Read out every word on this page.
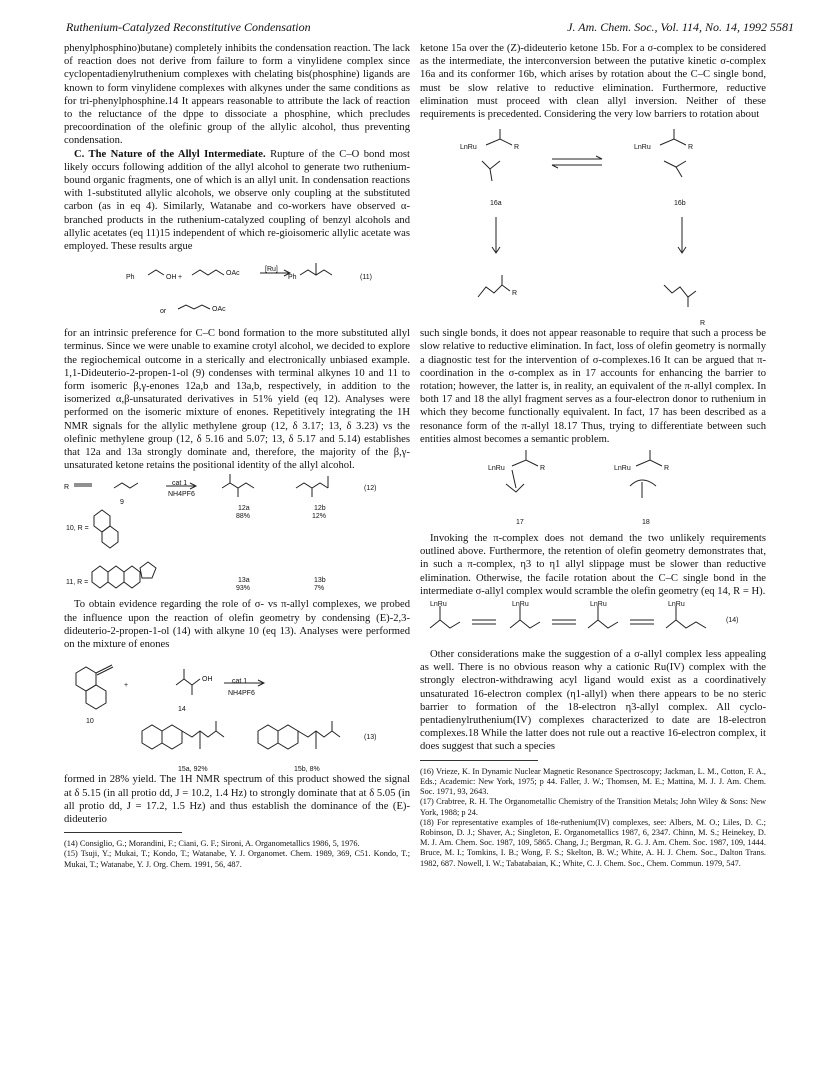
Ruthenium-Catalyzed Reconstitutive Condensation	J. Am. Chem. Soc., Vol. 114, No. 14, 1992 5581

phenylphosphino)butane) completely inhibits the condensation reaction. The lack of reaction does not derive from failure to form a vinylidene complex since cyclopentadienylruthenium complexes with chelating bis(phosphine) ligands are known to form vinylidene complexes with alkynes under the same conditions as for tri-phenylphosphine.14 It appears reasonable to attribute the lack of reaction to the reluctance of the dppe to dissociate a phosphine, which precludes precoordination of the olefinic group of the allylic alcohol, thus preventing condensation.

C. The Nature of the Allyl Intermediate. Rupture of the C–O bond most likely occurs following addition of the allyl alcohol to generate two ruthenium-bound organic fragments, one of which is an allyl unit. In condensation reactions with 1-substituted allylic alcohols, we observe only coupling at the substituted carbon (as in eq 4). Similarly, Watanabe and co-workers have observed α-branched products in the ruthenium-catalyzed coupling of benzyl alcohols and allylic acetates (eq 11)15 independent of which re-gioisomeric allylic acetate was employed. These results argue

Ph	OH +
OAc
[Ru]
Ph	(11)
or	OAc

for an intrinsic preference for C–C bond formation to the more substituted allyl terminus. Since we were unable to examine crotyl alcohol, we decided to explore the regiochemical outcome in a sterically and electronically unbiased example. 1,1-Dideuterio-2-propen-1-ol (9) condenses with terminal alkynes 10 and 11 to form isomeric β,γ-enones 12a,b and 13a,b, respectively, in addition to the isomerized α,β-unsaturated derivatives in 51% yield (eq 12). Analyses were performed on the isomeric mixture of enones. Repetitively integrating the 1H NMR signals for the allylic methylene group (12, δ 3.17; 13, δ 3.23) vs the olefinic methylene group (12, δ 5.16 and 5.07; 13, δ 5.17 and 5.14) establishes that 12a and 13a strongly dominate and, therefore, the majority of the β,γ-unsaturated ketone retains the positional identity of the allyl alcohol.

R
9
cat 1
NH4PF6
12a
88%
12b
12%
(12)
10, R =
11, R =	13a
93%
13b
7%

To obtain evidence regarding the role of σ- vs π-allyl complexes, we probed the influence upon the reaction of olefin geometry by condensing (E)-2,3-dideuterio-2-propen-1-ol (14) with alkyne 10 (eq 13). Analyses were performed on the mixture of enones

+
10
OH
14
cat 1
NH4PF6
15a, 92%	15b, 8%
(13)

formed in 28% yield. The 1H NMR spectrum of this product showed the signal at δ 5.15 (in all protio dd, J = 10.2, 1.4 Hz) to strongly dominate that at δ 5.05 (in all protio dd, J = 17.2, 1.5 Hz) and thus establish the dominance of the (E)-dideuterio

(14) Consiglio, G.; Morandini, F.; Ciani, G. F.; Sironi, A. Organometallics 1986, 5, 1976.

(15) Tsuji, Y.; Mukai, T.; Kondo, T.; Watanabe, Y. J. Organomet. Chem. 1989, 369, C51. Kondo, T.; Mukai, T.; Watanabe, Y. J. Org. Chem. 1991, 56, 487.

ketone 15a over the (Z)-dideuterio ketone 15b. For a σ-complex to be considered as the intermediate, the interconversion between the putative kinetic σ-complex 16a and its conformer 16b, which arises by rotation about the C–C single bond, must be slow relative to reductive elimination. Furthermore, reductive elimination must proceed with clean allyl inversion. Neither of these requirements is precedented. Considering the very low barriers to rotation about

LnRu	R
16a
LnRu	R
16b
R
R

such single bonds, it does not appear reasonable to require that such a process be slow relative to reductive elimination. In fact, loss of olefin geometry is normally a diagnostic test for the intervention of σ-complexes.16 It can be argued that π-coordination in the σ-complex as in 17 accounts for enhancing the barrier to rotation; however, the latter is, in reality, an equivalent of the π-allyl complex. In both 17 and 18 the allyl fragment serves as a four-electron donor to ruthenium in which they become functionally equivalent. In fact, 17 has been described as a resonance form of the π-allyl 18.17 Thus, trying to differentiate between such entities almost becomes a semantic problem.

LnRu	R	LnRu	R
17	18

Invoking the π-complex does not demand the two unlikely requirements outlined above. Furthermore, the retention of olefin geometry demonstrates that, in such a π-complex, η3 to η1 allyl slippage must be slower than reductive elimination. Otherwise, the facile rotation about the C–C single bond in the intermediate σ-allyl complex would scramble the olefin geometry (eq 14, R = H).

LnRu	LnRu	LnRu	LnRu
(14)

Other considerations make the suggestion of a σ-allyl complex less appealing as well. There is no obvious reason why a cationic Ru(IV) complex with the strongly electron-withdrawing acyl ligand would exist as a coordinatively unsaturated 16-electron complex (η1-allyl) when there appears to be no steric barrier to formation of the 18-electron η3-allyl complex. All cyclo-pentadienylruthenium(IV) complexes characterized to date are 18-electron complexes.18 While the latter does not rule out a reactive 16-electron complex, it does suggest that such a species

(16) Vrieze, K. In Dynamic Nuclear Magnetic Resonance Spectroscopy; Jackman, L. M., Cotton, F. A., Eds.; Academic: New York, 1975; p 44. Faller, J. W.; Thomsen, M. E.; Mattina, M. J. J. Am. Chem. Soc. 1971, 93, 2643.

(17) Crabtree, R. H. The Organometallic Chemistry of the Transition Metals; John Wiley & Sons: New York, 1988; p 24.

(18) For representative examples of 18e-ruthenium(IV) complexes, see: Albers, M. O.; Liles, D. C.; Robinson, D. J.; Shaver, A.; Singleton, E. Organometallics 1987, 6, 2347. Chinn, M. S.; Heinekey, D. M. J. Am. Chem. Soc. 1987, 109, 5865. Chang, J.; Bergman, R. G. J. Am. Chem. Soc. 1987, 109, 1444. Bruce, M. I.; Tomkins, I. B.; Wong, F. S.; Skelton, B. W.; White, A. H. J. Chem. Soc., Dalton Trans. 1982, 687. Nowell, I. W.; Tabatabaian, K.; White, C. J. Chem. Soc., Chem. Commun. 1979, 547.
